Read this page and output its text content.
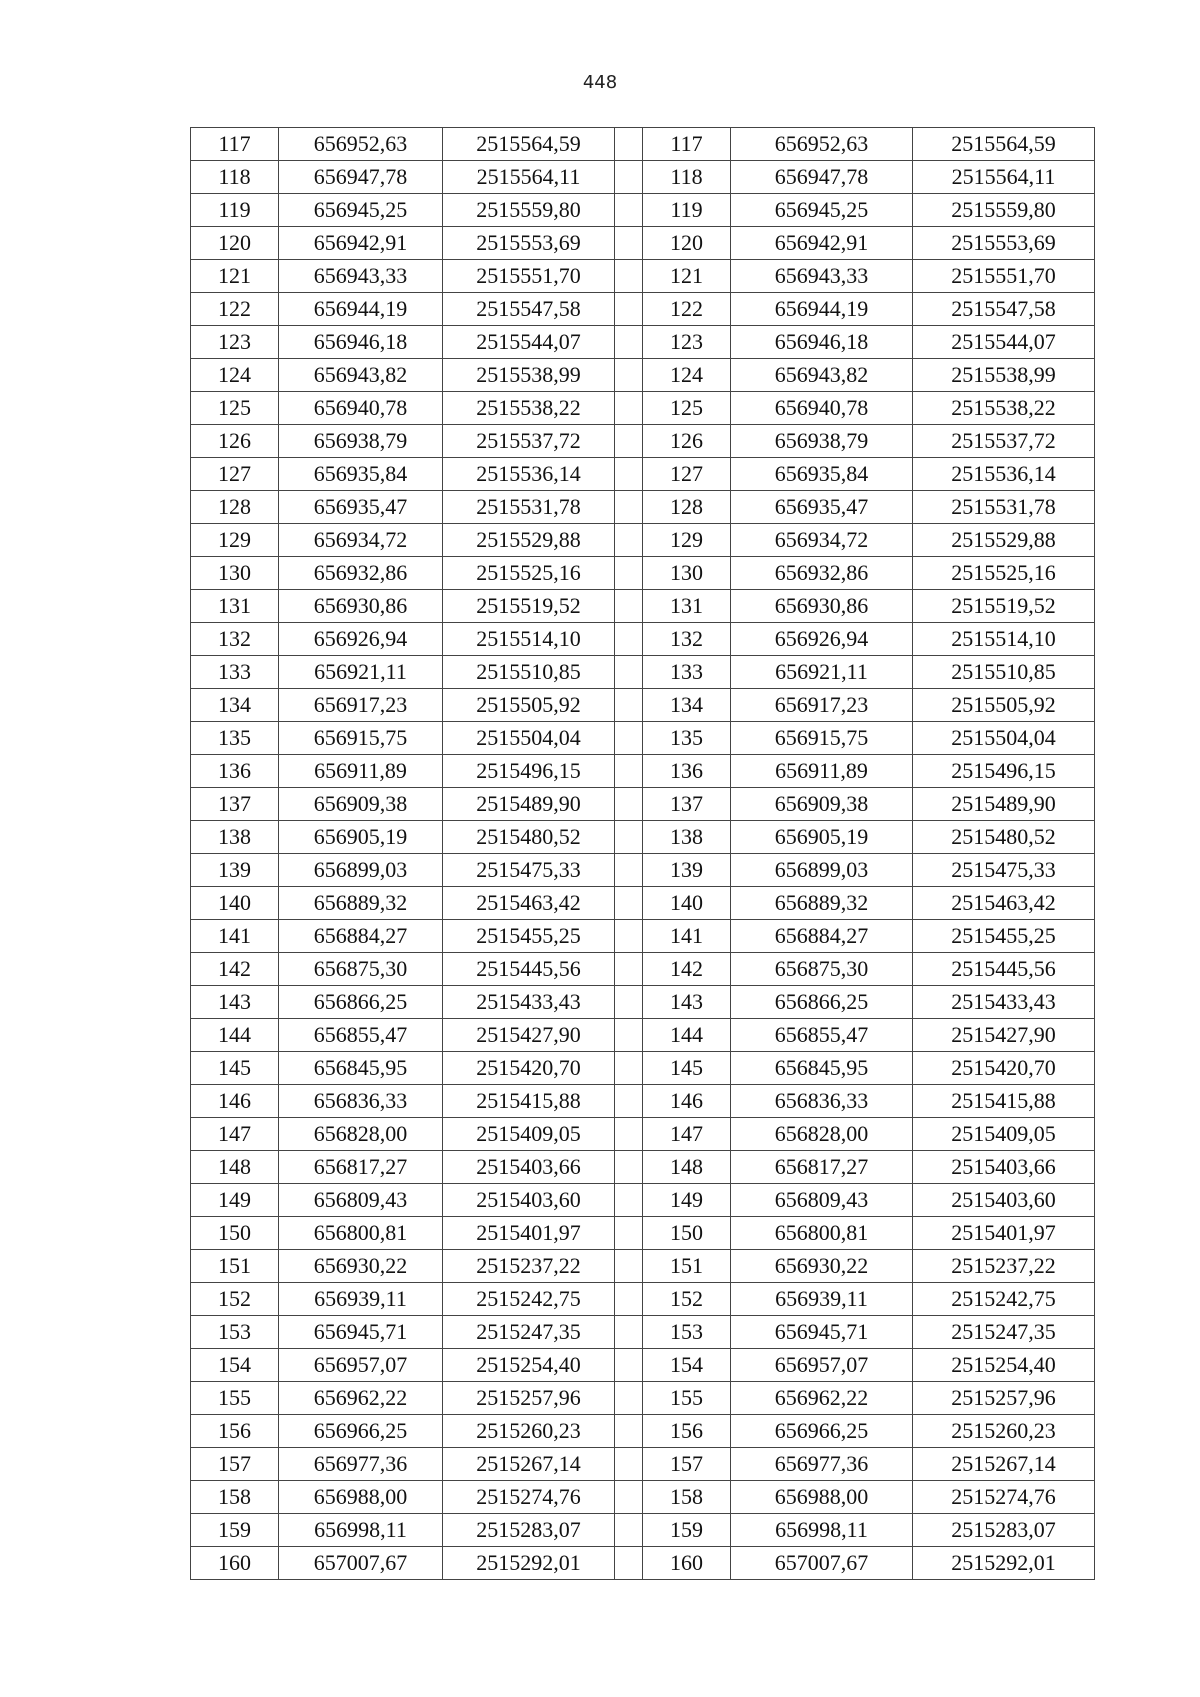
448
117	656952,63	2515564,59		117	656952,63	2515564,59
118	656947,78	2515564,11		118	656947,78	2515564,11
119	656945,25	2515559,80		119	656945,25	2515559,80
120	656942,91	2515553,69		120	656942,91	2515553,69
121	656943,33	2515551,70		121	656943,33	2515551,70
122	656944,19	2515547,58		122	656944,19	2515547,58
123	656946,18	2515544,07		123	656946,18	2515544,07
124	656943,82	2515538,99		124	656943,82	2515538,99
125	656940,78	2515538,22		125	656940,78	2515538,22
126	656938,79	2515537,72		126	656938,79	2515537,72
127	656935,84	2515536,14		127	656935,84	2515536,14
128	656935,47	2515531,78		128	656935,47	2515531,78
129	656934,72	2515529,88		129	656934,72	2515529,88
130	656932,86	2515525,16		130	656932,86	2515525,16
131	656930,86	2515519,52		131	656930,86	2515519,52
132	656926,94	2515514,10		132	656926,94	2515514,10
133	656921,11	2515510,85		133	656921,11	2515510,85
134	656917,23	2515505,92		134	656917,23	2515505,92
135	656915,75	2515504,04		135	656915,75	2515504,04
136	656911,89	2515496,15		136	656911,89	2515496,15
137	656909,38	2515489,90		137	656909,38	2515489,90
138	656905,19	2515480,52		138	656905,19	2515480,52
139	656899,03	2515475,33		139	656899,03	2515475,33
140	656889,32	2515463,42		140	656889,32	2515463,42
141	656884,27	2515455,25		141	656884,27	2515455,25
142	656875,30	2515445,56		142	656875,30	2515445,56
143	656866,25	2515433,43		143	656866,25	2515433,43
144	656855,47	2515427,90		144	656855,47	2515427,90
145	656845,95	2515420,70		145	656845,95	2515420,70
146	656836,33	2515415,88		146	656836,33	2515415,88
147	656828,00	2515409,05		147	656828,00	2515409,05
148	656817,27	2515403,66		148	656817,27	2515403,66
149	656809,43	2515403,60		149	656809,43	2515403,60
150	656800,81	2515401,97		150	656800,81	2515401,97
151	656930,22	2515237,22		151	656930,22	2515237,22
152	656939,11	2515242,75		152	656939,11	2515242,75
153	656945,71	2515247,35		153	656945,71	2515247,35
154	656957,07	2515254,40		154	656957,07	2515254,40
155	656962,22	2515257,96		155	656962,22	2515257,96
156	656966,25	2515260,23		156	656966,25	2515260,23
157	656977,36	2515267,14		157	656977,36	2515267,14
158	656988,00	2515274,76		158	656988,00	2515274,76
159	656998,11	2515283,07		159	656998,11	2515283,07
160	657007,67	2515292,01		160	657007,67	2515292,01
